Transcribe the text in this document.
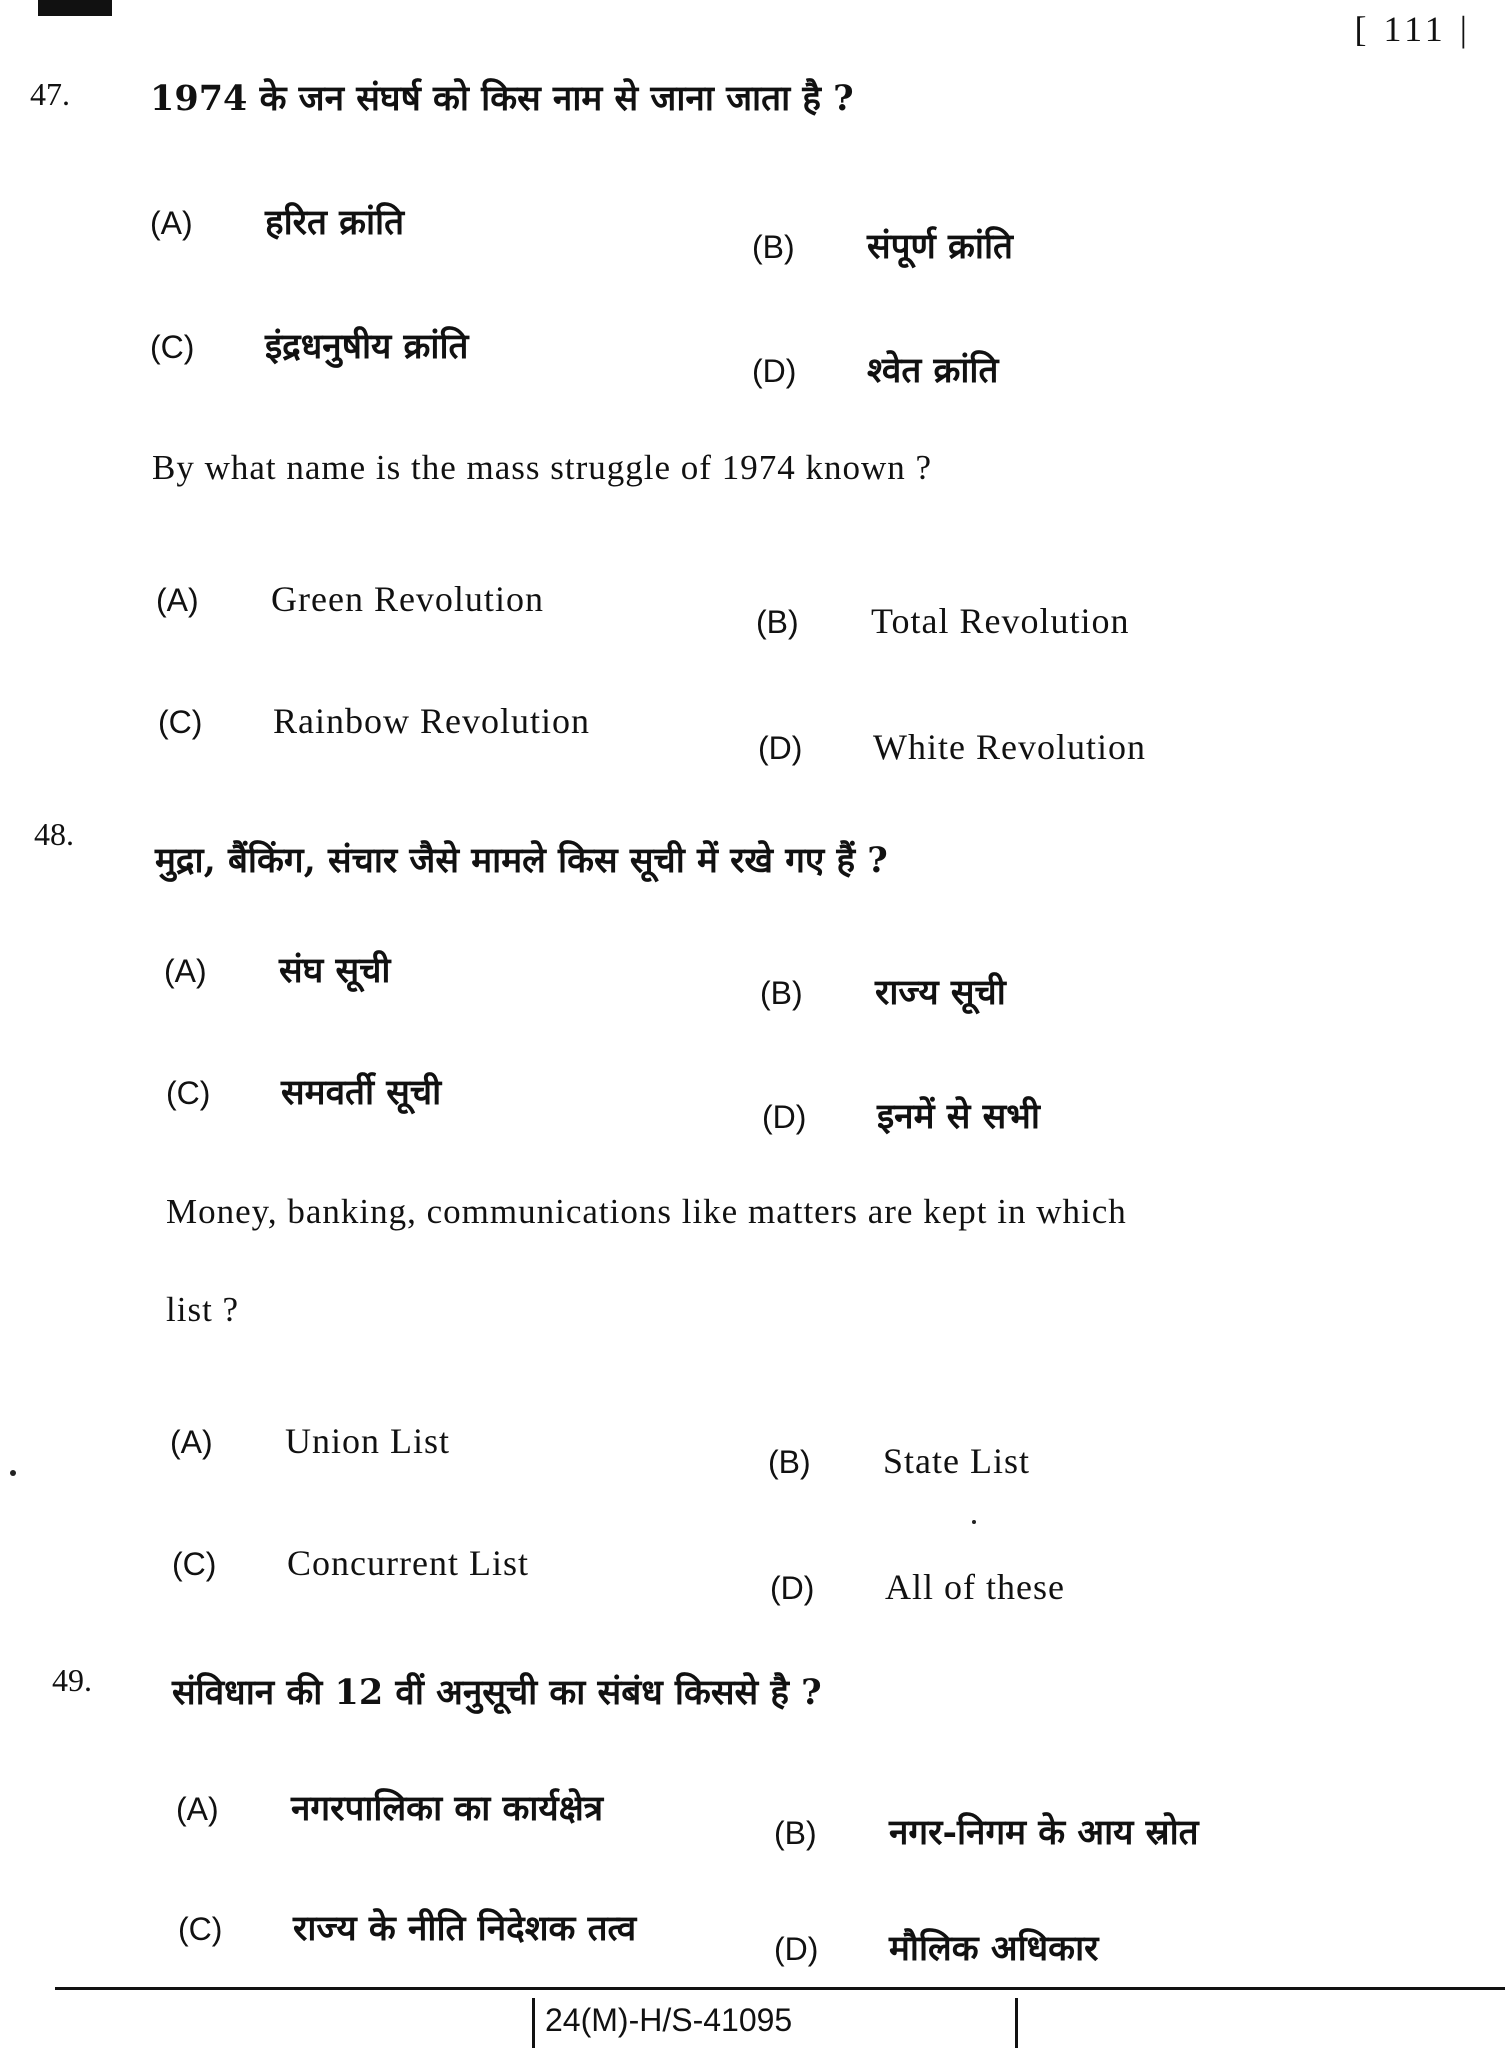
[ 111 |
47. 1974 के जन संघर्ष को किस नाम से जाना जाता है ?
(A) हरित क्रांति
(B) संपूर्ण क्रांति
(C) इंद्रधनुषीय क्रांति
(D) श्वेत क्रांति
By what name is the mass struggle of 1974 known ?
(A) Green Revolution
(B) Total Revolution
(C) Rainbow Revolution
(D) White Revolution
48.
मुद्रा, बैंकिंग, संचार जैसे मामले किस सूची में रखे गए हैं ?
(A) संघ सूची
(B) राज्य सूची
(C) समवर्ती सूची
(D) इनमें से सभी
Money, banking, communications like matters are kept in which
list ?
(A) Union List
(B) State List
(C) Concurrent List
(D) All of these
49. संविधान की 12 वीं अनुसूची का संबंध किससे है ?
(A) नगरपालिका का कार्यक्षेत्र
(B) नगर-निगम के आय स्रोत
(C) राज्य के नीति निदेशक तत्व	(D) मौलिक अधिकार
24(M)-H/S-41095
